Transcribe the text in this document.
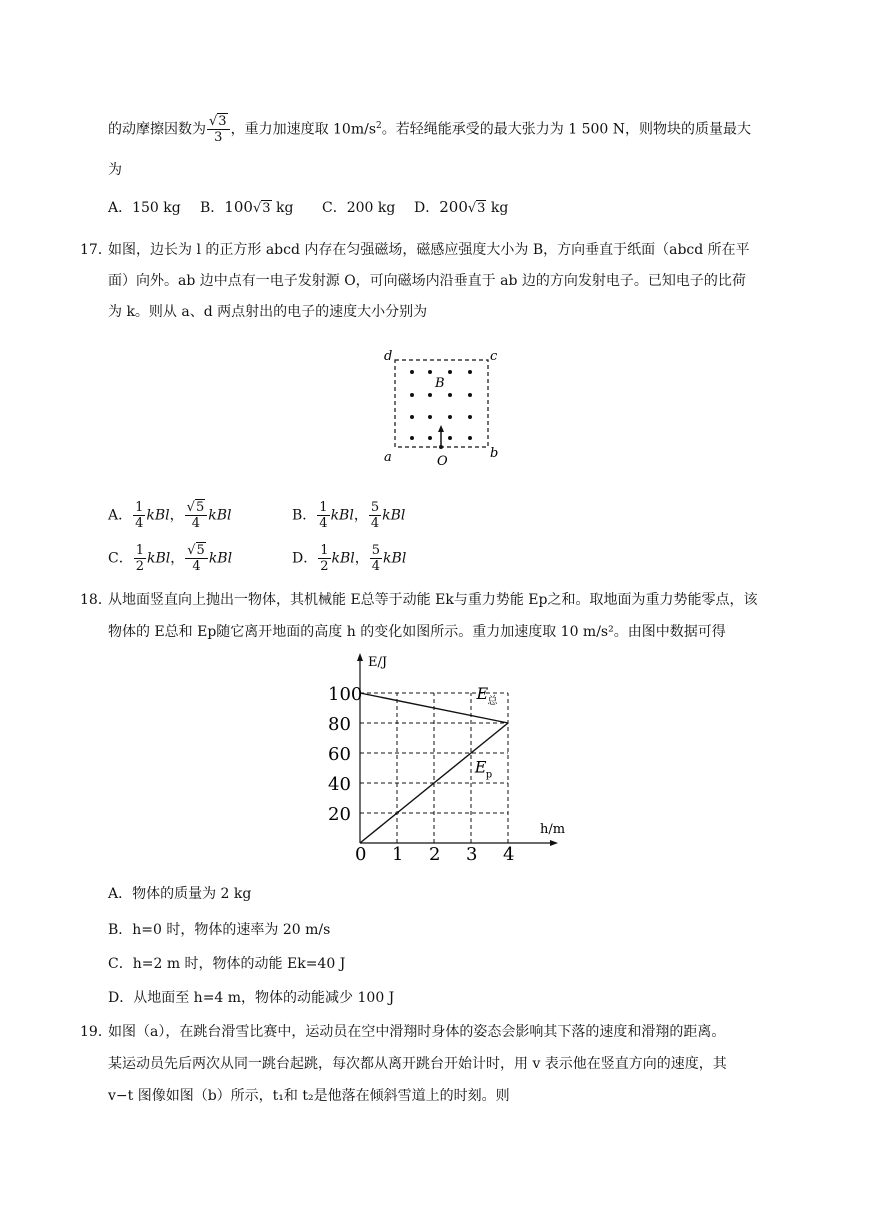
的动摩擦因数为 $\frac{√3}{3}$ ，重力加速度取 $10m/s^2$。若轻绳能承受的最大张力为 1 500 N，则物块的质量最大
为
A．150 kg B．100√3 kg C．200 kg D．200√3 kg
17．
如图，边长为 l 的正方形 abcd 内存在匀强磁场，磁感应强度大小为 B，方向垂直于纸面（abcd 所在平
面）向外。ab 边中点有一电子发射源 O，可向磁场内沿垂直于 ab 边的方向发射电子。已知电子的比荷
为 k。则从 a、d 两点射出的电子的速度大小分别为
d	c
a	b
B
O
A． $\frac{1}{4}$ kBl， $\frac{√5}{4}$ kBl	B． $\frac{1}{4}$ kBl， $\frac{5}{4}$ kBl
C． $\frac{1}{2}$ kBl， $\frac{√5}{4}$ kBl	D． $\frac{1}{2}$ kBl， $\frac{5}{4}$ kBl
18．
从地面竖直向上抛出一物体，其机械能 E总等于动能 Ek与重力势能 Ep之和。取地面为重力势能零点，该
物体的 E总和 Ep随它离开地面的高度 h 的变化如图所示。重力加速度取 10 m/s²。由图中数据可得
0 1 2 3 4
20
40
60
80
100
E/J
h/m
E 总
E p
A．物体的质量为 2 kg
B．h=0 时，物体的速率为 20 m/s
C．h=2 m 时，物体的动能 Ek=40 J
D．从地面至 h=4 m，物体的动能减少 100 J
19．
如图（a），在跳台滑雪比赛中，运动员在空中滑翔时身体的姿态会影响其下落的速度和滑翔的距离。
某运动员先后两次从同一跳台起跳，每次都从离开跳台开始计时，用 v 表示他在竖直方向的速度，其
v−t 图像如图（b）所示，t₁和 t₂是他落在倾斜雪道上的时刻。则
